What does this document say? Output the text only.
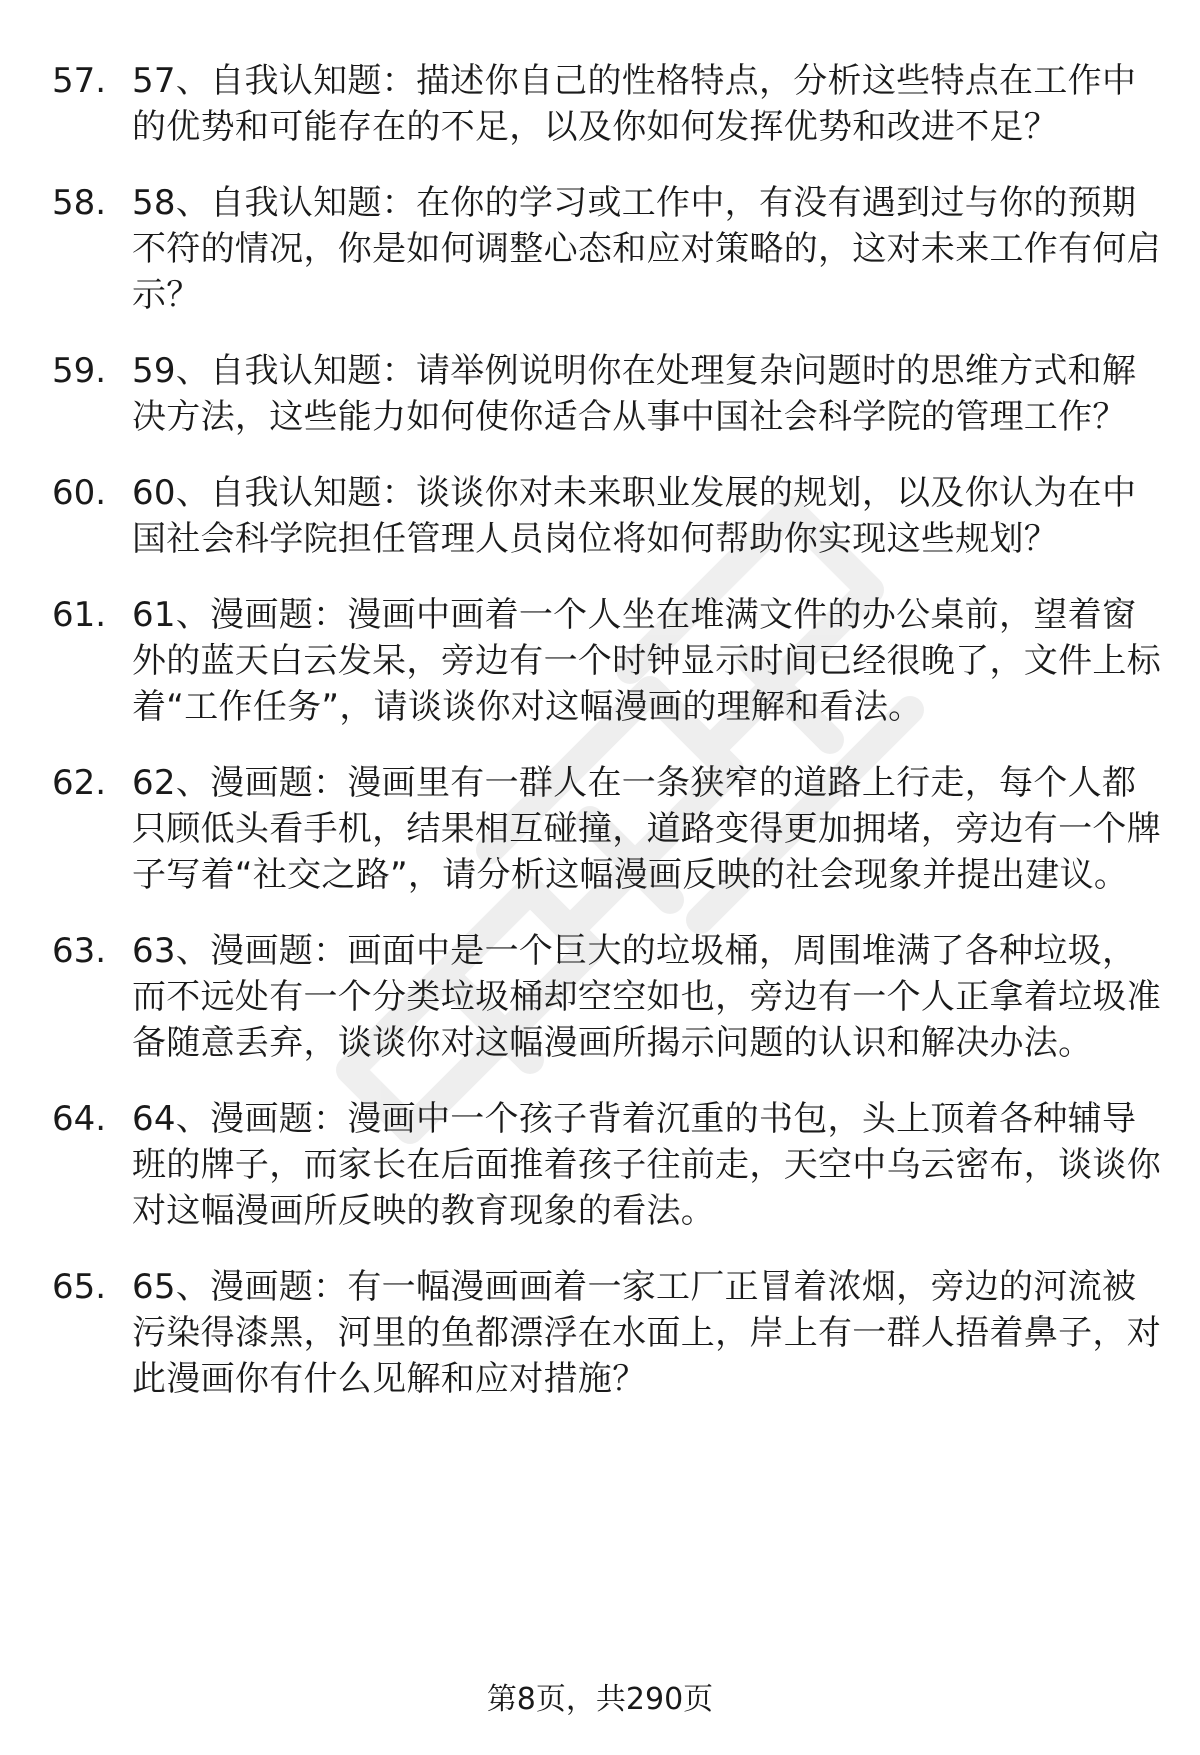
57. 57、自我认知题：描述你自己的性格特点，分析这些特点在工作中的优势和可能存在的不足，以及你如何发挥优势和改进不足？
58. 58、自我认知题：在你的学习或工作中，有没有遇到过与你的预期不符的情况，你是如何调整心态和应对策略的，这对未来工作有何启示？
59. 59、自我认知题：请举例说明你在处理复杂问题时的思维方式和解决方法，这些能力如何使你适合从事中国社会科学院的管理工作？
60. 60、自我认知题：谈谈你对未来职业发展的规划，以及你认为在中国社会科学院担任管理人员岗位将如何帮助你实现这些规划？
61. 61、漫画题：漫画中画着一个人坐在堆满文件的办公桌前，望着窗外的蓝天白云发呆，旁边有一个时钟显示时间已经很晚了，文件上标着“工作任务”，请谈谈你对这幅漫画的理解和看法。
62. 62、漫画题：漫画里有一群人在一条狭窄的道路上行走，每个人都只顾低头看手机，结果相互碰撞，道路变得更加拥堵，旁边有一个牌子写着“社交之路”，请分析这幅漫画反映的社会现象并提出建议。
63. 63、漫画题：画面中是一个巨大的垃圾桶，周围堆满了各种垃圾，而不远处有一个分类垃圾桶却空空如也，旁边有一个人正拿着垃圾准备随意丢弃，谈谈你对这幅漫画所揭示问题的认识和解决办法。
64. 64、漫画题：漫画中一个孩子背着沉重的书包，头上顶着各种辅导班的牌子，而家长在后面推着孩子往前走，天空中乌云密布，谈谈你对这幅漫画所反映的教育现象的看法。
65. 65、漫画题：有一幅漫画画着一家工厂正冒着浓烟，旁边的河流被污染得漆黑，河里的鱼都漂浮在水面上，岸上有一群人捂着鼻子，对此漫画你有什么见解和应对措施？
第8页，共290页
